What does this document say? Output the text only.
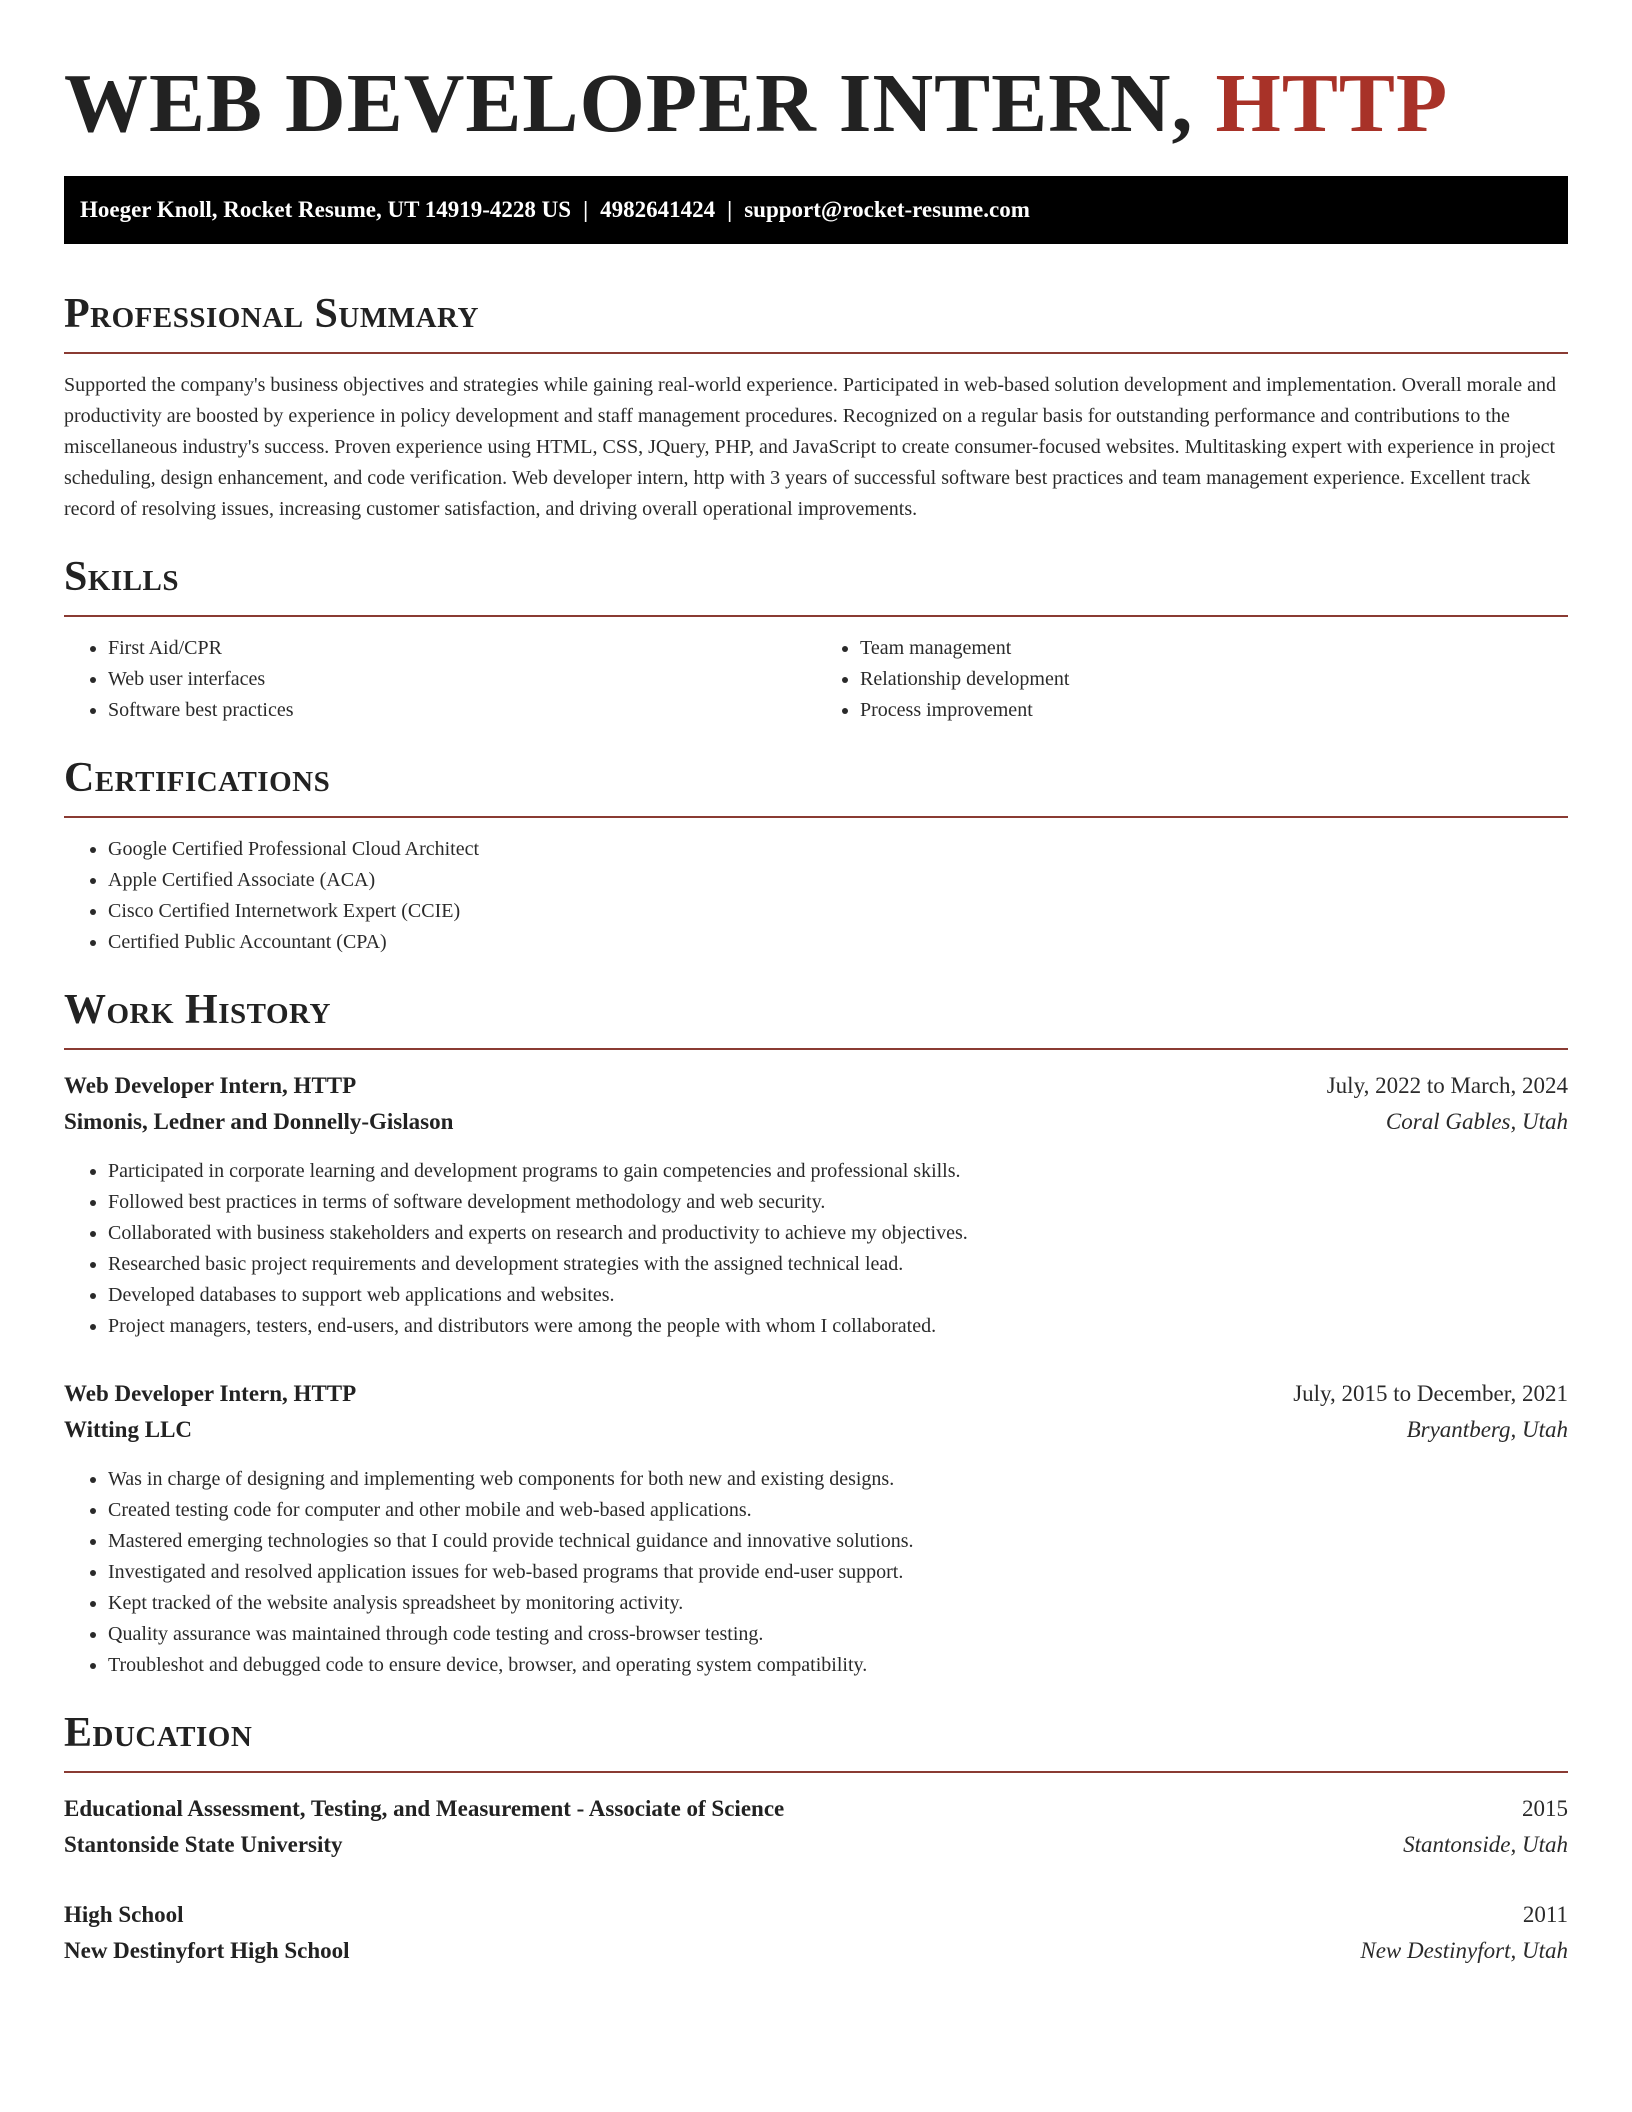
WEB DEVELOPER INTERN, HTTP
Hoeger Knoll, Rocket Resume, UT 14919-4228 US | 4982641424 | support@rocket-resume.com
Professional Summary

Supported the company's business objectives and strategies while gaining real-world experience. Participated in web-based solution development and implementation. Overall morale and productivity are boosted by experience in policy development and staff management procedures. Recognized on a regular basis for outstanding performance and contributions to the miscellaneous industry's success. Proven experience using HTML, CSS, JQuery, PHP, and JavaScript to create consumer-focused websites. Multitasking expert with experience in project scheduling, design enhancement, and code verification. Web developer intern, http with 3 years of successful software best practices and team management experience. Excellent track record of resolving issues, increasing customer satisfaction, and driving overall operational improvements.

Skills
• First Aid/CPR
• Web user interfaces
• Software best practices
• Team management
• Relationship development
• Process improvement
Certifications
• Google Certified Professional Cloud Architect
• Apple Certified Associate (ACA)
• Cisco Certified Internetwork Expert (CCIE)
• Certified Public Accountant (CPA)
Work History
Web Developer Intern, HTTP	July, 2022 to March, 2024
Simonis, Ledner and Donnelly-Gislason	Coral Gables, Utah
• Participated in corporate learning and development programs to gain competencies and professional skills.
• Followed best practices in terms of software development methodology and web security.
• Collaborated with business stakeholders and experts on research and productivity to achieve my objectives.
• Researched basic project requirements and development strategies with the assigned technical lead.
• Developed databases to support web applications and websites.
• Project managers, testers, end-users, and distributors were among the people with whom I collaborated.
Web Developer Intern, HTTP	July, 2015 to December, 2021
Witting LLC	Bryantberg, Utah
• Was in charge of designing and implementing web components for both new and existing designs.
• Created testing code for computer and other mobile and web-based applications.
• Mastered emerging technologies so that I could provide technical guidance and innovative solutions.
• Investigated and resolved application issues for web-based programs that provide end-user support.
• Kept tracked of the website analysis spreadsheet by monitoring activity.
• Quality assurance was maintained through code testing and cross-browser testing.
• Troubleshot and debugged code to ensure device, browser, and operating system compatibility.
Education
Educational Assessment, Testing, and Measurement - Associate of Science	2015
Stantonside State University	Stantonside, Utah
High School	2011
New Destinyfort High School	New Destinyfort, Utah
